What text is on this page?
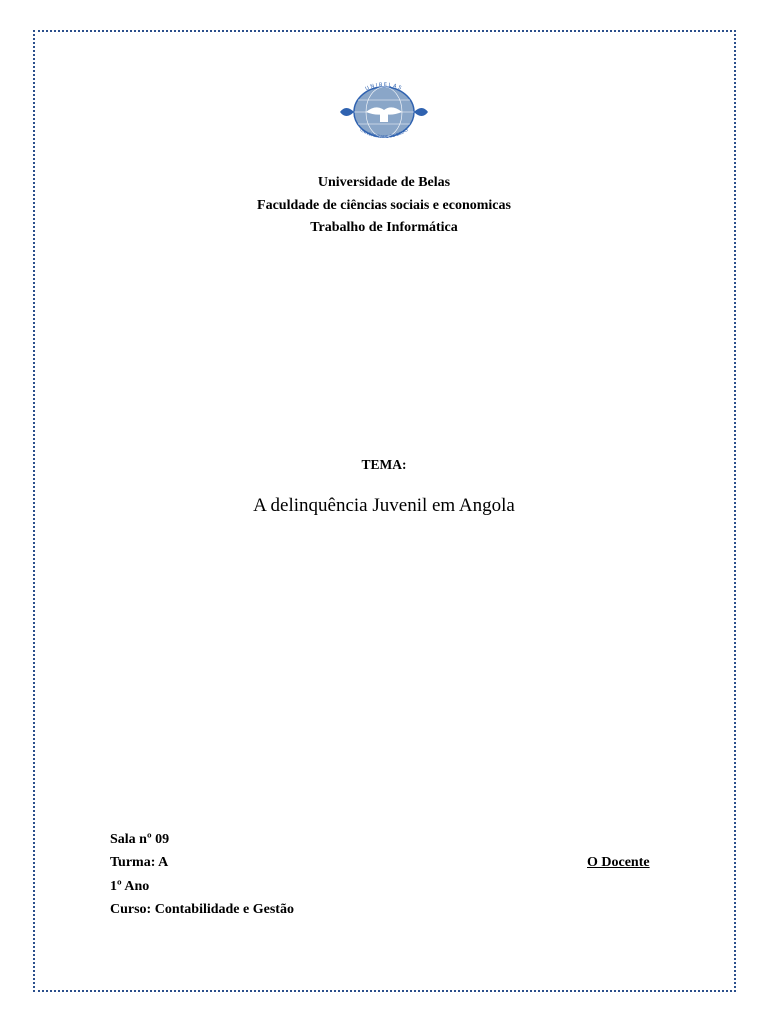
UNIBELAS
UNIVERSIDADE DE BELAS
Universidade de Belas
Faculdade de ciências sociais e economicas
Trabalho de Informática
TEMA:
A delinquência Juvenil em Angola
Sala nº 09
Turma: A
1º Ano
Curso: Contabilidade e Gestão
O Docente
